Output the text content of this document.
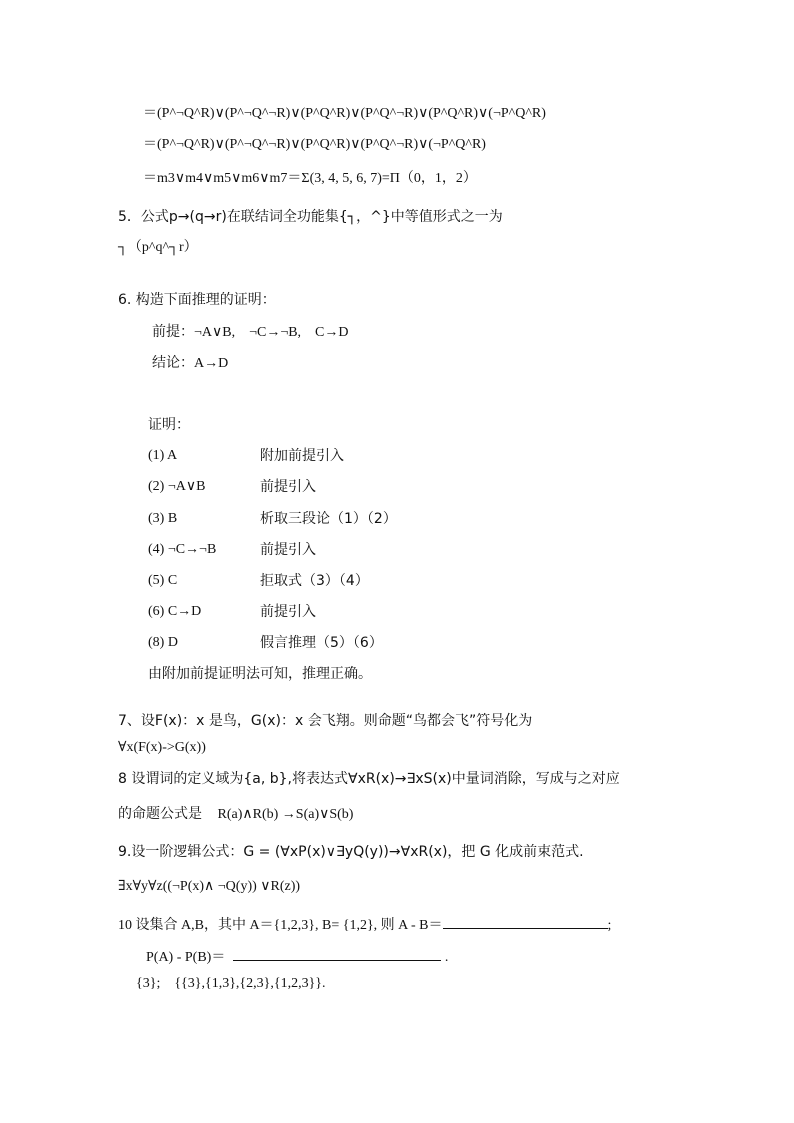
＝(P^¬Q^R)∨(P^¬Q^¬R)∨(P^Q^R)∨(P^Q^¬R)∨(P^Q^R)∨(¬P^Q^R)
＝(P^¬Q^R)∨(P^¬Q^¬R)∨(P^Q^R)∨(P^Q^¬R)∨(¬P^Q^R)
＝m3∨m4∨m5∨m6∨m7＝Σ(3, 4, 5, 6, 7)=Π（0，1，2）
5．公式p→(q→r)在联结词全功能集{┐，^}中等值形式之一为
┐（p^q^┐r）
6. 构造下面推理的证明：
前提：¬A∨B,　¬C→¬B,　C→D
结论：A→D
证明：
(1) A	附加前提引入
(2) ¬A∨B	前提引入
(3) B	析取三段论（1）（2）
(4) ¬C→¬B	前提引入
(5) C	拒取式（3）（4）
(6) C→D	前提引入
(8) D	假言推理（5）（6）
由附加前提证明法可知，推理正确。
7、设F(x)：x 是鸟，G(x)：x 会飞翔。则命题“鸟都会飞”符号化为
∀x(F(x)->G(x))
8 设谓词的定义域为{a, b},将表达式∀xR(x)→∃xS(x)中量词消除，写成与之对应
的命题公式是 R(a)∧R(b) →S(a)∨S(b)
9.设一阶逻辑公式：G = (∀xP(x)∨∃yQ(y))→∀xR(x)，把 G 化成前束范式.
∃x∀y∀z((¬P(x)∧ ¬Q(y)) ∨R(z))
10 设集合 A,B，其中 A＝{1,2,3}, B= {1,2}, 则 A - B＝	;
P(A) - P(B)＝	.
{3};　{{3},{1,3},{2,3},{1,2,3}}.
